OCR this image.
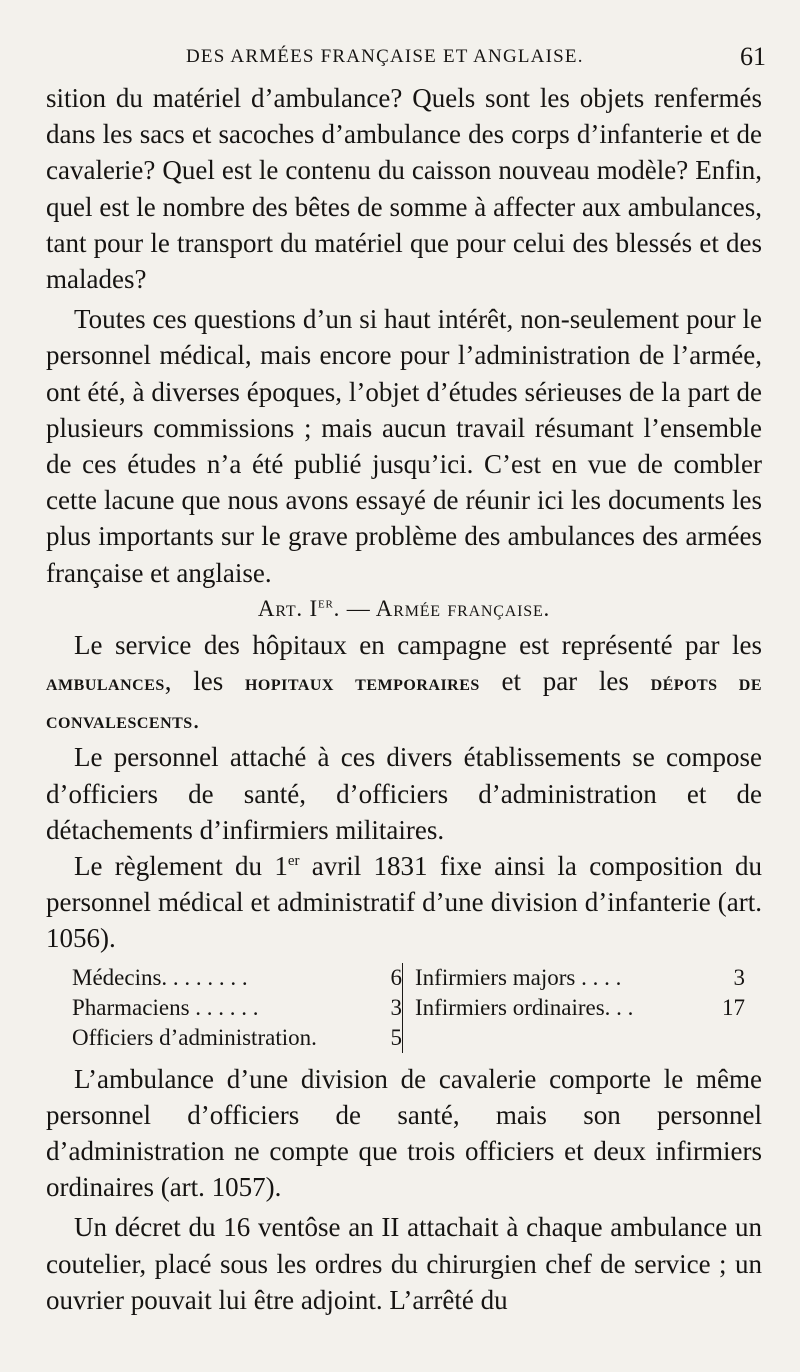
DES ARMÉES FRANÇAISE ET ANGLAISE.	61

sition du matériel d’ambulance? Quels sont les objets renfermés dans les sacs et sacoches d’ambulance des corps d’infanterie et de cavalerie? Quel est le contenu du caisson nouveau modèle? Enfin, quel est le nombre des bêtes de somme à affecter aux ambulances, tant pour le transport du matériel que pour celui des blessés et des malades?

Toutes ces questions d’un si haut intérêt, non-seulement pour le personnel médical, mais encore pour l’administration de l’armée, ont été, à diverses époques, l’objet d’études sérieuses de la part de plusieurs commissions ; mais aucun travail résumant l’ensemble de ces études n’a été publié jusqu’ici. C’est en vue de combler cette lacune que nous avons essayé de réunir ici les documents les plus importants sur le grave problème des ambulances des armées française et anglaise.

Art. Ier. — Armée française.

Le service des hôpitaux en campagne est représenté par les ambulances, les hopitaux temporaires et par les dépots de convalescents.

Le personnel attaché à ces divers établissements se compose d’officiers de santé, d’officiers d’administration et de détachements d’infirmiers militaires.

Le règlement du 1er avril 1831 fixe ainsi la composition du personnel médical et administratif d’une division d’infanterie (art. 1056).

Médecins. . . . . . . .	6
Pharmaciens . . . . . .	3
Officiers d’administration.	5
Infirmiers majors . . . .	3
Infirmiers ordinaires. . .	17

L’ambulance d’une division de cavalerie comporte le même personnel d’officiers de santé, mais son personnel d’administration ne compte que trois officiers et deux infirmiers ordinaires (art. 1057).

Un décret du 16 ventôse an II attachait à chaque ambulance un coutelier, placé sous les ordres du chirurgien chef de service ; un ouvrier pouvait lui être adjoint. L’arrêté du
